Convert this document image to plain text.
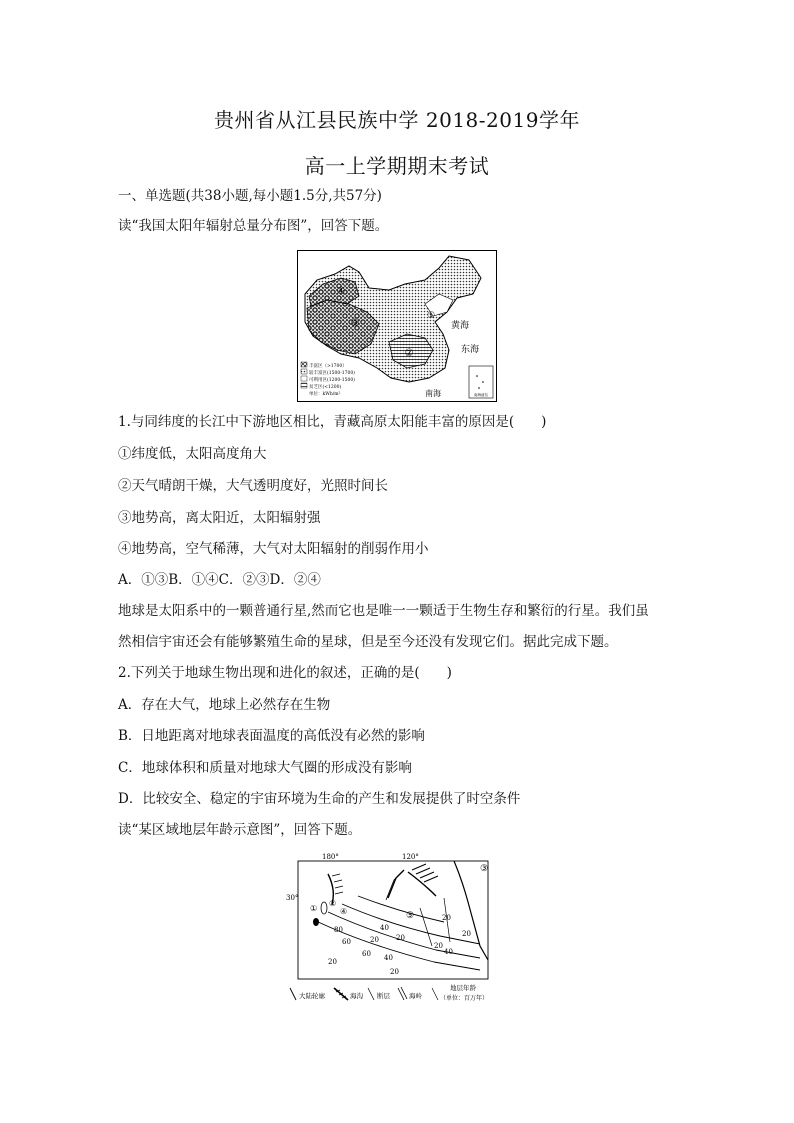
贵州省从江县民族中学 2018-2019学年
高一上学期期末考试
一、单选题(共38小题,每小题1.5分,共57分)
读“我国太阳年辐射总量分布图”，回答下题。
④
③
②
①
黄海
东海
南海
丰富区（>1700）
较丰富区(1500-1700)
可利用区(1200-1500)
贫乏区(<1200)
单位：kWh/m²	南海诸岛
1.与同纬度的长江中下游地区相比，青藏高原太阳能丰富的原因是(　　)
①纬度低，太阳高度角大
②天气晴朗干燥，大气透明度好，光照时间长
③地势高，离太阳近，太阳辐射强
④地势高，空气稀薄，大气对太阳辐射的削弱作用小
A．①③B．①④C．②③D．②④
地球是太阳系中的一颗普通行星,然而它也是唯一一颗适于生物生存和繁衍的行星。我们虽
然相信宇宙还会有能够繁殖生命的星球，但是至今还没有发现它们。据此完成下题。
2.下列关于地球生物出现和进化的叙述，正确的是(　　)
A．存在大气，地球上必然存在生物
B．日地距离对地球表面温度的高低没有必然的影响
C．地球体积和质量对地球大气圈的形成没有影响
D．比较安全、稳定的宇宙环境为生命的产生和发展提供了时空条件
读“某区域地层年龄示意图”，回答下题。
180°	120°
30°
①
②
③
④	⑤
80
60
40
20
60
20	40
20
20
40
20
20	20
大陆轮廓	海沟 断层	海岭
地层年龄
（单位：百万年）
